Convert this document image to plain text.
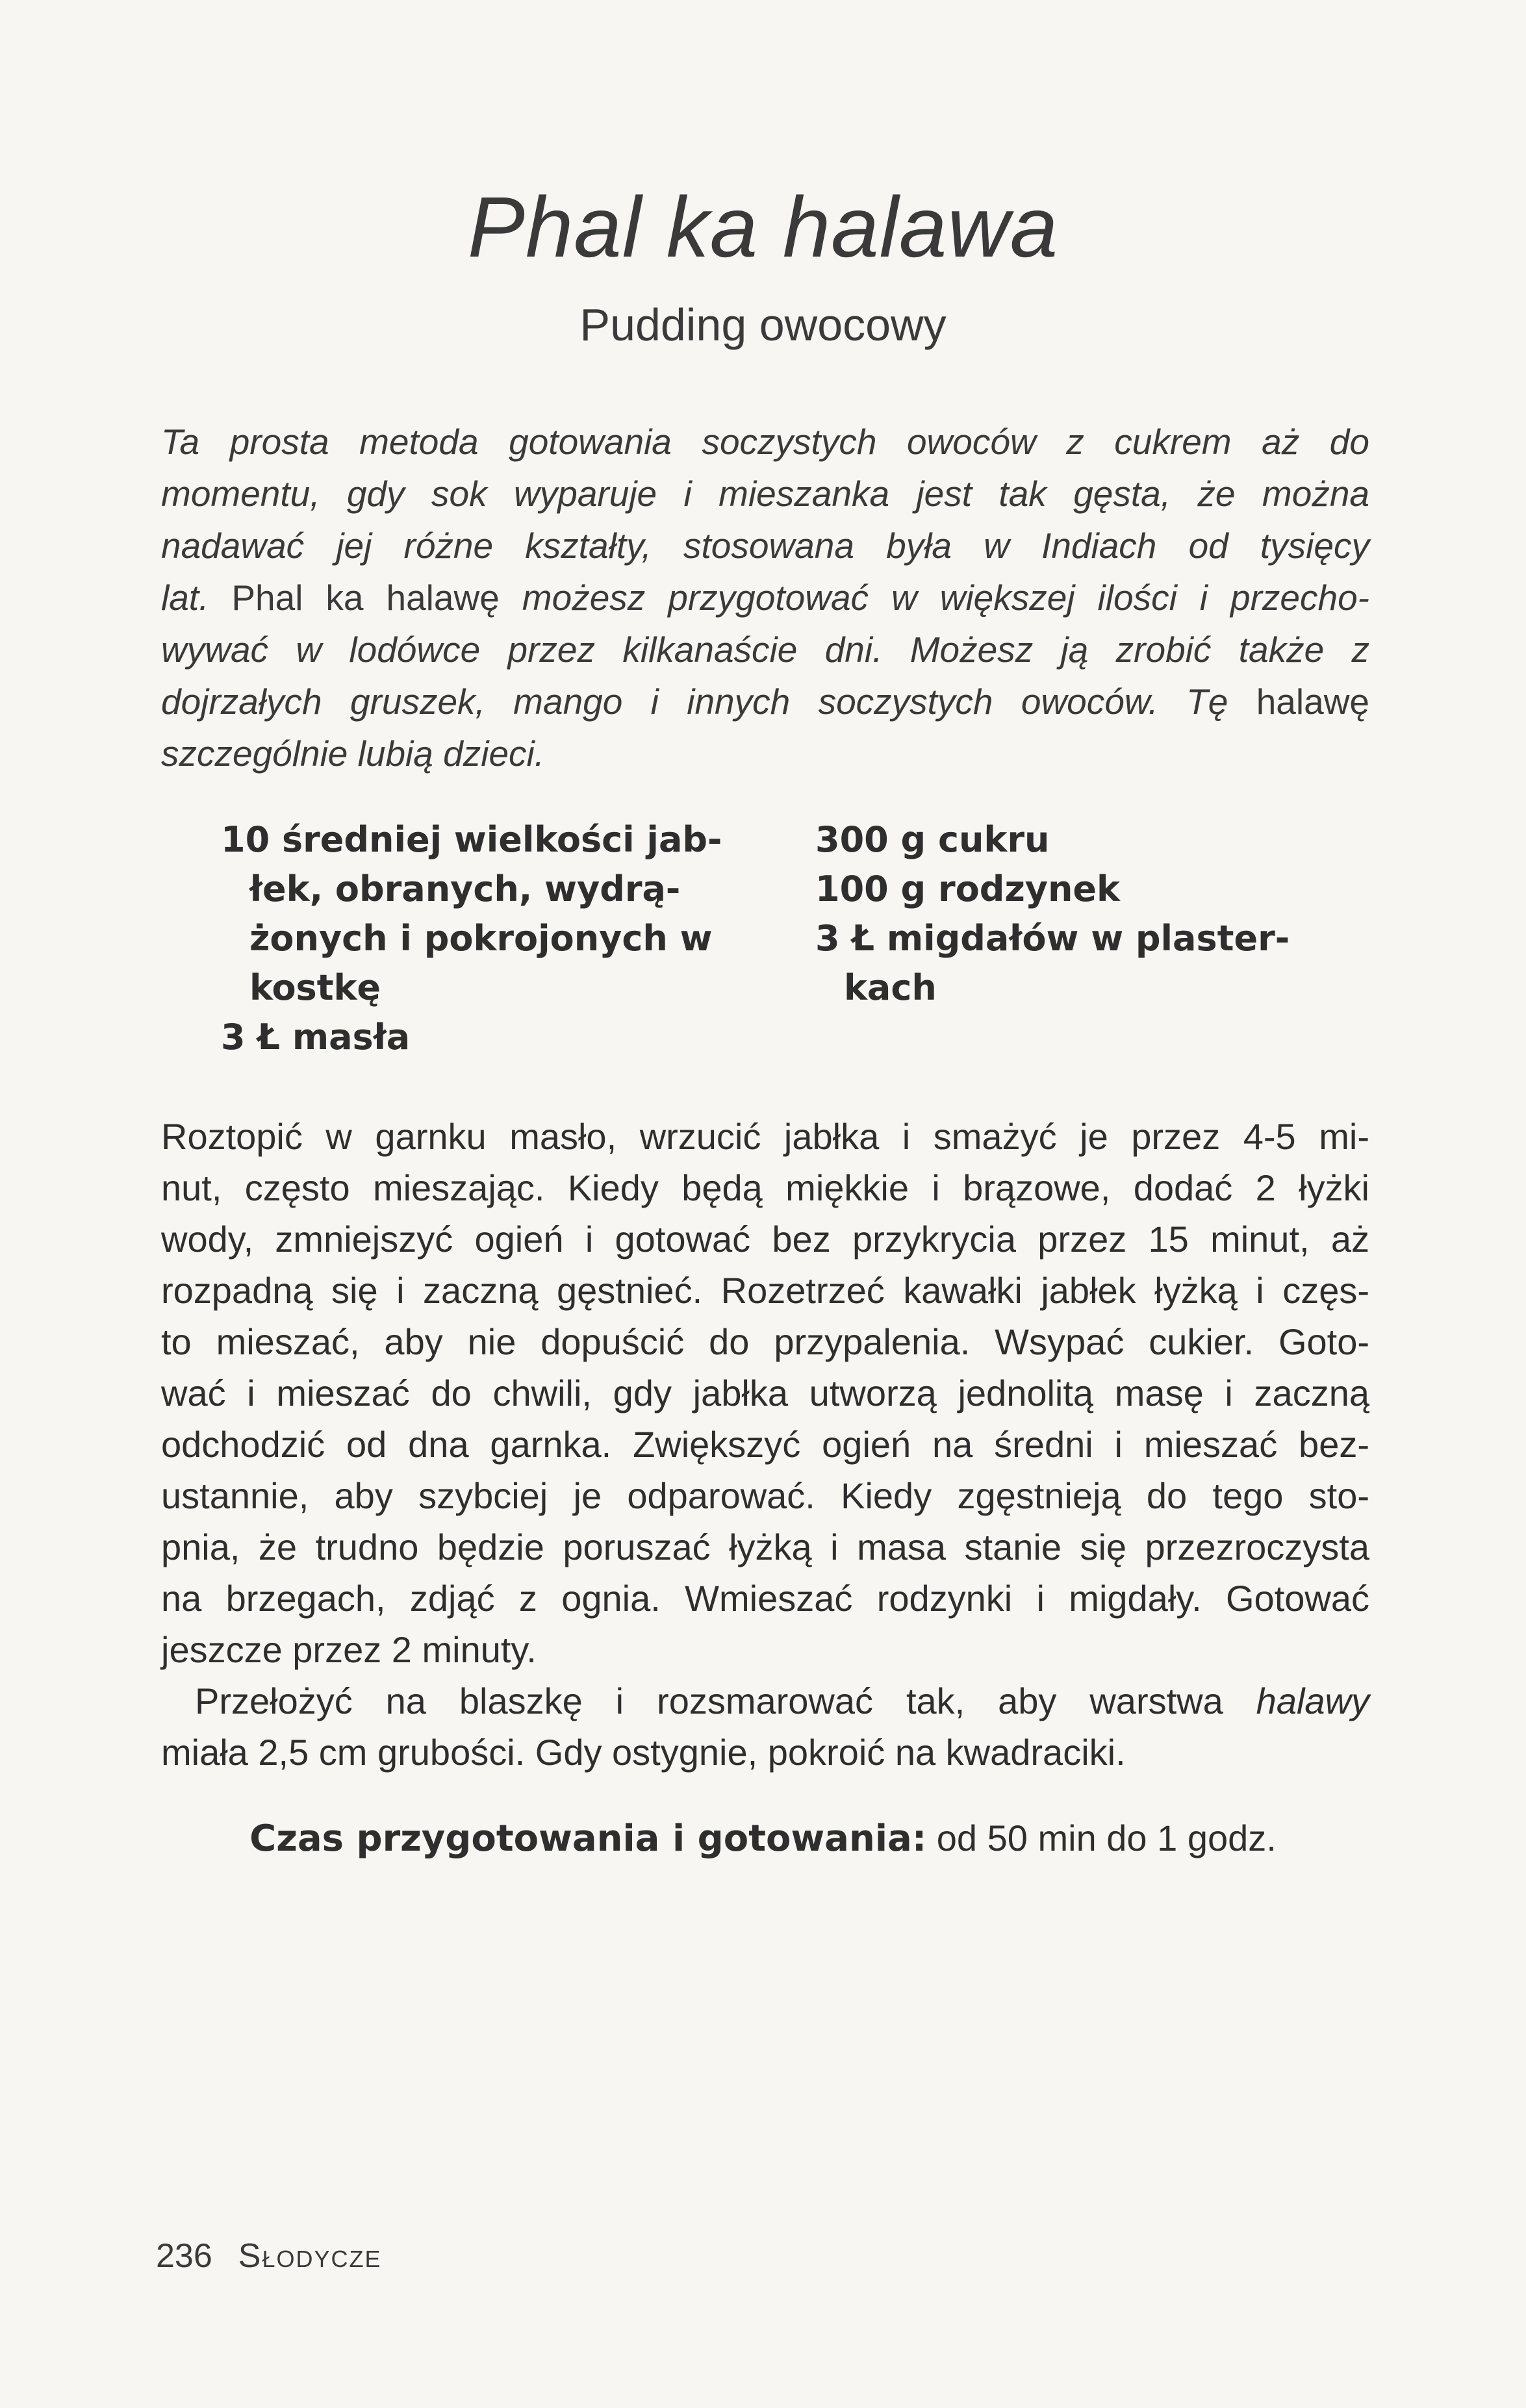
Phal ka halawa
Pudding owocowy
Ta prosta metoda gotowania soczystych owoców z cukrem aż do
momentu, gdy sok wyparuje i mieszanka jest tak gęsta, że można
nadawać jej różne kształty, stosowana była w Indiach od tysięcy
lat. Phal ka halawę możesz przygotować w większej ilości i przecho-
wywać w lodówce przez kilkanaście dni. Możesz ją zrobić także z
dojrzałych gruszek, mango i innych soczystych owoców. Tę halawę
szczególnie lubią dzieci.
10 średniej wielkości jab-
łek, obranych, wydrą-
żonych i pokrojonych w
kostkę
3 Ł masła
300 g cukru
100 g rodzynek
3 Ł migdałów w plaster-
kach
Roztopić w garnku masło, wrzucić jabłka i smażyć je przez 4-5 mi-
nut, często mieszając. Kiedy będą miękkie i brązowe, dodać 2 łyżki
wody, zmniejszyć ogień i gotować bez przykrycia przez 15 minut, aż
rozpadną się i zaczną gęstnieć. Rozetrzeć kawałki jabłek łyżką i częs-
to mieszać, aby nie dopuścić do przypalenia. Wsypać cukier. Goto-
wać i mieszać do chwili, gdy jabłka utworzą jednolitą masę i zaczną
odchodzić od dna garnka. Zwiększyć ogień na średni i mieszać bez-
ustannie, aby szybciej je odparować. Kiedy zgęstnieją do tego sto-
pnia, że trudno będzie poruszać łyżką i masa stanie się przezroczysta
na brzegach, zdjąć z ognia. Wmieszać rodzynki i migdały. Gotować
jeszcze przez 2 minuty.
Przełożyć na blaszkę i rozsmarować tak, aby warstwa halawy
miała 2,5 cm grubości. Gdy ostygnie, pokroić na kwadraciki.
Czas przygotowania i gotowania: od 50 min do 1 godz.
236 Słodycze
